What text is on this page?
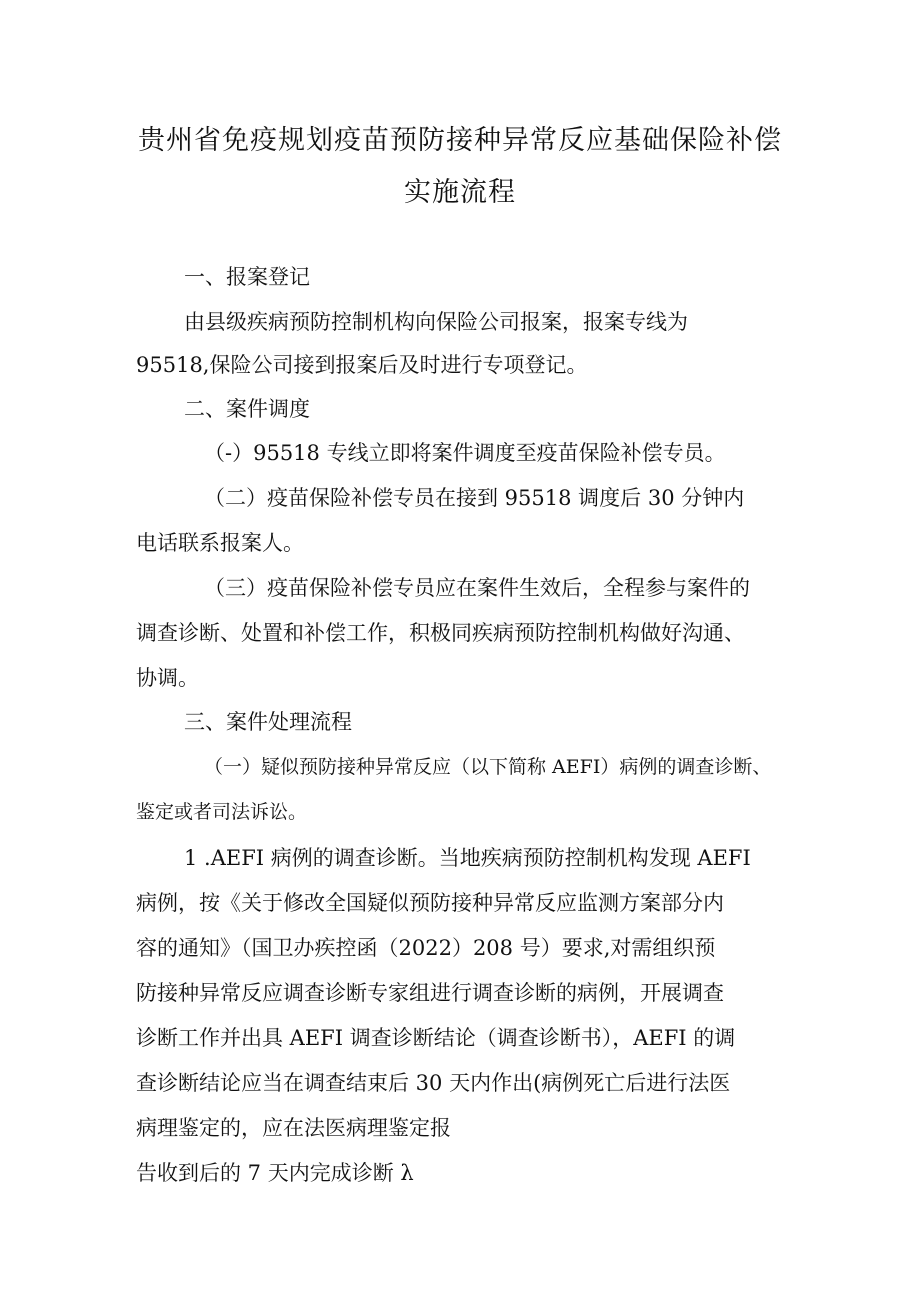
贵州省免疫规划疫苗预防接种异常反应基础保险补偿
实施流程
一、报案登记
由县级疾病预防控制机构向保险公司报案，报案专线为
95518,保险公司接到报案后及时进行专项登记。
二、案件调度
（-）95518 专线立即将案件调度至疫苗保险补偿专员。
（二）疫苗保险补偿专员在接到 95518 调度后 30 分钟内
电话联系报案人。
（三）疫苗保险补偿专员应在案件生效后，全程参与案件的
调查诊断、处置和补偿工作，积极同疾病预防控制机构做好沟通、
协调。
三、案件处理流程
（一）疑似预防接种异常反应（以下简称 AEFI）病例的调查诊断、
鉴定或者司法诉讼。
1 .AEFI 病例的调查诊断。当地疾病预防控制机构发现 AEFI
病例，按《关于修改全国疑似预防接种异常反应监测方案部分内
容的通知》（国卫办疾控函（2022）208 号）要求,对需组织预
防接种异常反应调查诊断专家组进行调查诊断的病例，开展调查
诊断工作并出具 AEFI 调查诊断结论（调查诊断书），AEFI 的调
查诊断结论应当在调查结束后 30 天内作出(病例死亡后进行法医
病理鉴定的，应在法医病理鉴定报
告收到后的 7 天内完成诊断 λ
